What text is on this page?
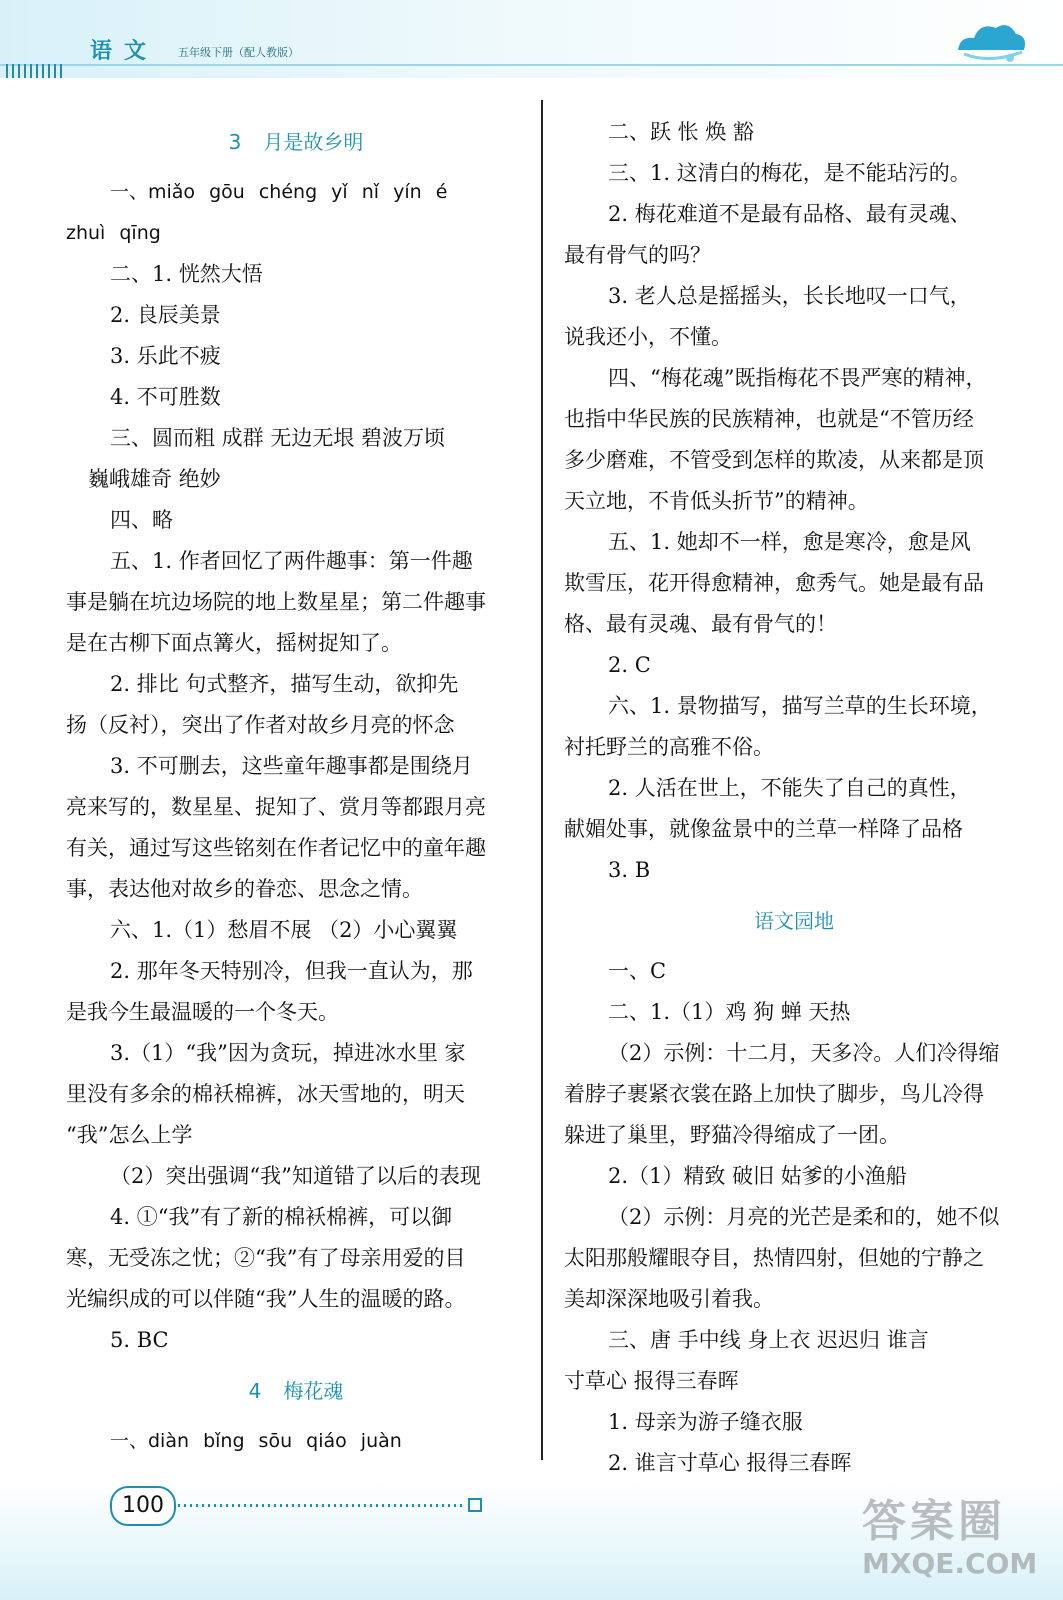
语文 五年级下册（配人教版）
3 月是故乡明
一、miǎo gōu chéng yǐ nǐ yín é
zhuì qīng
二、1. 恍然大悟
2. 良辰美景
3. 乐此不疲
4. 不可胜数
三、圆而粗 成群 无边无垠 碧波万顷
巍峨雄奇 绝妙
四、略
五、1. 作者回忆了两件趣事：第一件趣
事是躺在坑边场院的地上数星星；第二件趣事
是在古柳下面点篝火，摇树捉知了。
2. 排比 句式整齐，描写生动，欲抑先
扬（反衬），突出了作者对故乡月亮的怀念
3. 不可删去，这些童年趣事都是围绕月
亮来写的，数星星、捉知了、赏月等都跟月亮
有关，通过写这些铭刻在作者记忆中的童年趣
事，表达他对故乡的眷恋、思念之情。
六、1.（1）愁眉不展 （2）小心翼翼
2. 那年冬天特别冷，但我一直认为，那
是我今生最温暖的一个冬天。
3.（1）“我”因为贪玩，掉进冰水里 家
里没有多余的棉袄棉裤，冰天雪地的，明天
“我”怎么上学
（2）突出强调“我”知道错了以后的表现
4. ①“我”有了新的棉袄棉裤，可以御
寒，无受冻之忧；②“我”有了母亲用爱的目
光编织成的可以伴随“我”人生的温暖的路。
5. BC
4 梅花魂
一、diàn bǐng sōu qiáo juàn
二、跃 怅 焕 豁
三、1. 这清白的梅花，是不能玷污的。
2. 梅花难道不是最有品格、最有灵魂、
最有骨气的吗？
3. 老人总是摇摇头，长长地叹一口气，
说我还小，不懂。
四、“梅花魂”既指梅花不畏严寒的精神，
也指中华民族的民族精神，也就是“不管历经
多少磨难，不管受到怎样的欺凌，从来都是顶
天立地，不肯低头折节”的精神。
五、1. 她却不一样，愈是寒冷，愈是风
欺雪压，花开得愈精神，愈秀气。她是最有品
格、最有灵魂、最有骨气的！
2. C
六、1. 景物描写，描写兰草的生长环境，
衬托野兰的高雅不俗。
2. 人活在世上，不能失了自己的真性，
献媚处事，就像盆景中的兰草一样降了品格
3. B
语文园地
一、C
二、1.（1）鸡 狗 蝉 天热
（2）示例：十二月，天多冷。人们冷得缩
着脖子裹紧衣裳在路上加快了脚步，鸟儿冷得
躲进了巢里，野猫冷得缩成了一团。
2.（1）精致 破旧 姑爹的小渔船
（2）示例：月亮的光芒是柔和的，她不似
太阳那般耀眼夺目，热情四射，但她的宁静之
美却深深地吸引着我。
三、唐 手中线 身上衣 迟迟归 谁言
寸草心 报得三春晖
1. 母亲为游子缝衣服
2. 谁言寸草心 报得三春晖
100	答案圈
MXQE.COM
